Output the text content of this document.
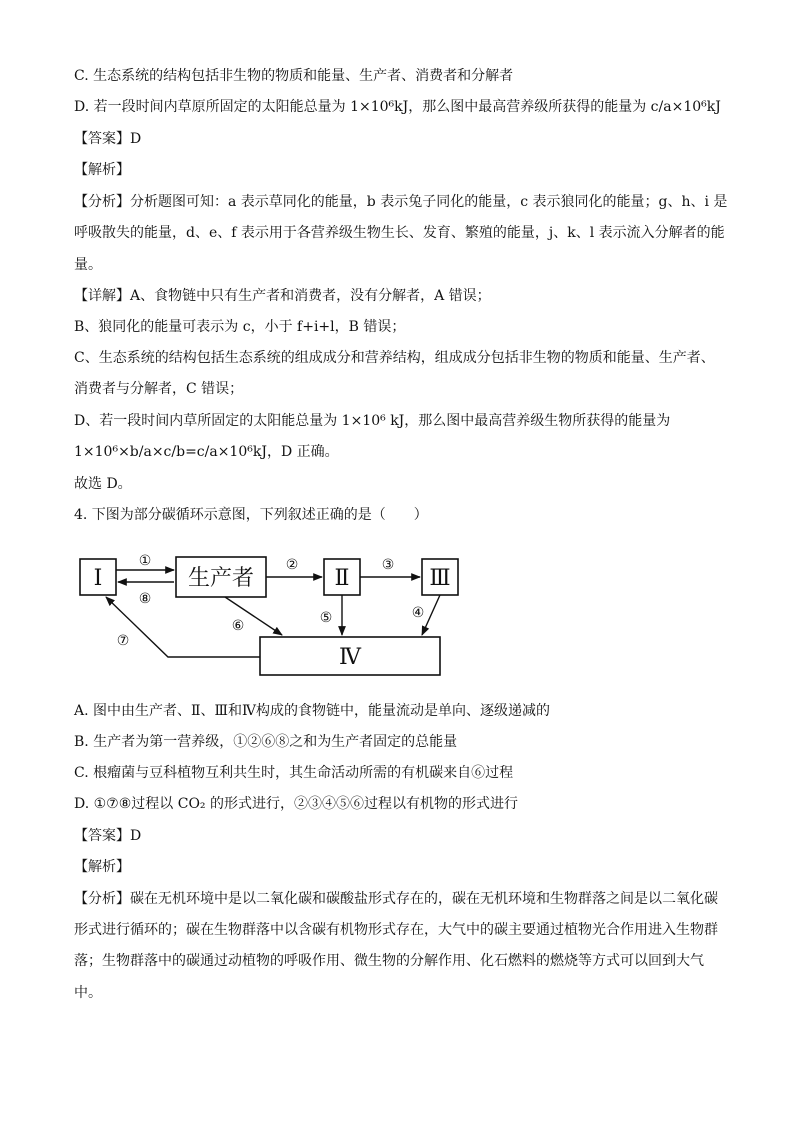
C. 生态系统的结构包括非生物的物质和能量、生产者、消费者和分解者
D. 若一段时间内草原所固定的太阳能总量为 1×10⁶kJ，那么图中最高营养级所获得的能量为 c/a×10⁶kJ
【答案】D
【解析】
【分析】分析题图可知：a 表示草同化的能量，b 表示兔子同化的能量，c 表示狼同化的能量；g、h、i 是
呼吸散失的能量，d、e、f 表示用于各营养级生物生长、发育、繁殖的能量，j、k、l 表示流入分解者的能
量。
【详解】A、食物链中只有生产者和消费者，没有分解者，A 错误；
B、狼同化的能量可表示为 c，小于 f+i+l，B 错误；
C、生态系统的结构包括生态系统的组成成分和营养结构，组成成分包括非生物的物质和能量、生产者、
消费者与分解者，C 错误；
D、若一段时间内草所固定的太阳能总量为 1×10⁶ kJ，那么图中最高营养级生物所获得的能量为
1×10⁶×b/a×c/b=c/a×10⁶kJ，D 正确。
故选 D。
4. 下图为部分碳循环示意图，下列叙述正确的是（　　）
Ⅰ	生产者	Ⅱ	Ⅲ
Ⅳ
①
⑧
②	③
⑤	④
⑥
⑦
A. 图中由生产者、Ⅱ、Ⅲ和Ⅳ构成的食物链中，能量流动是单向、逐级递减的
B. 生产者为第一营养级，①②⑥⑧之和为生产者固定的总能量
C. 根瘤菌与豆科植物互利共生时，其生命活动所需的有机碳来自⑥过程
D. ①⑦⑧过程以 CO₂ 的形式进行，②③④⑤⑥过程以有机物的形式进行
【答案】D
【解析】
【分析】碳在无机环境中是以二氧化碳和碳酸盐形式存在的，碳在无机环境和生物群落之间是以二氧化碳
形式进行循环的；碳在生物群落中以含碳有机物形式存在，大气中的碳主要通过植物光合作用进入生物群
落；生物群落中的碳通过动植物的呼吸作用、微生物的分解作用、化石燃料的燃烧等方式可以回到大气
中。
